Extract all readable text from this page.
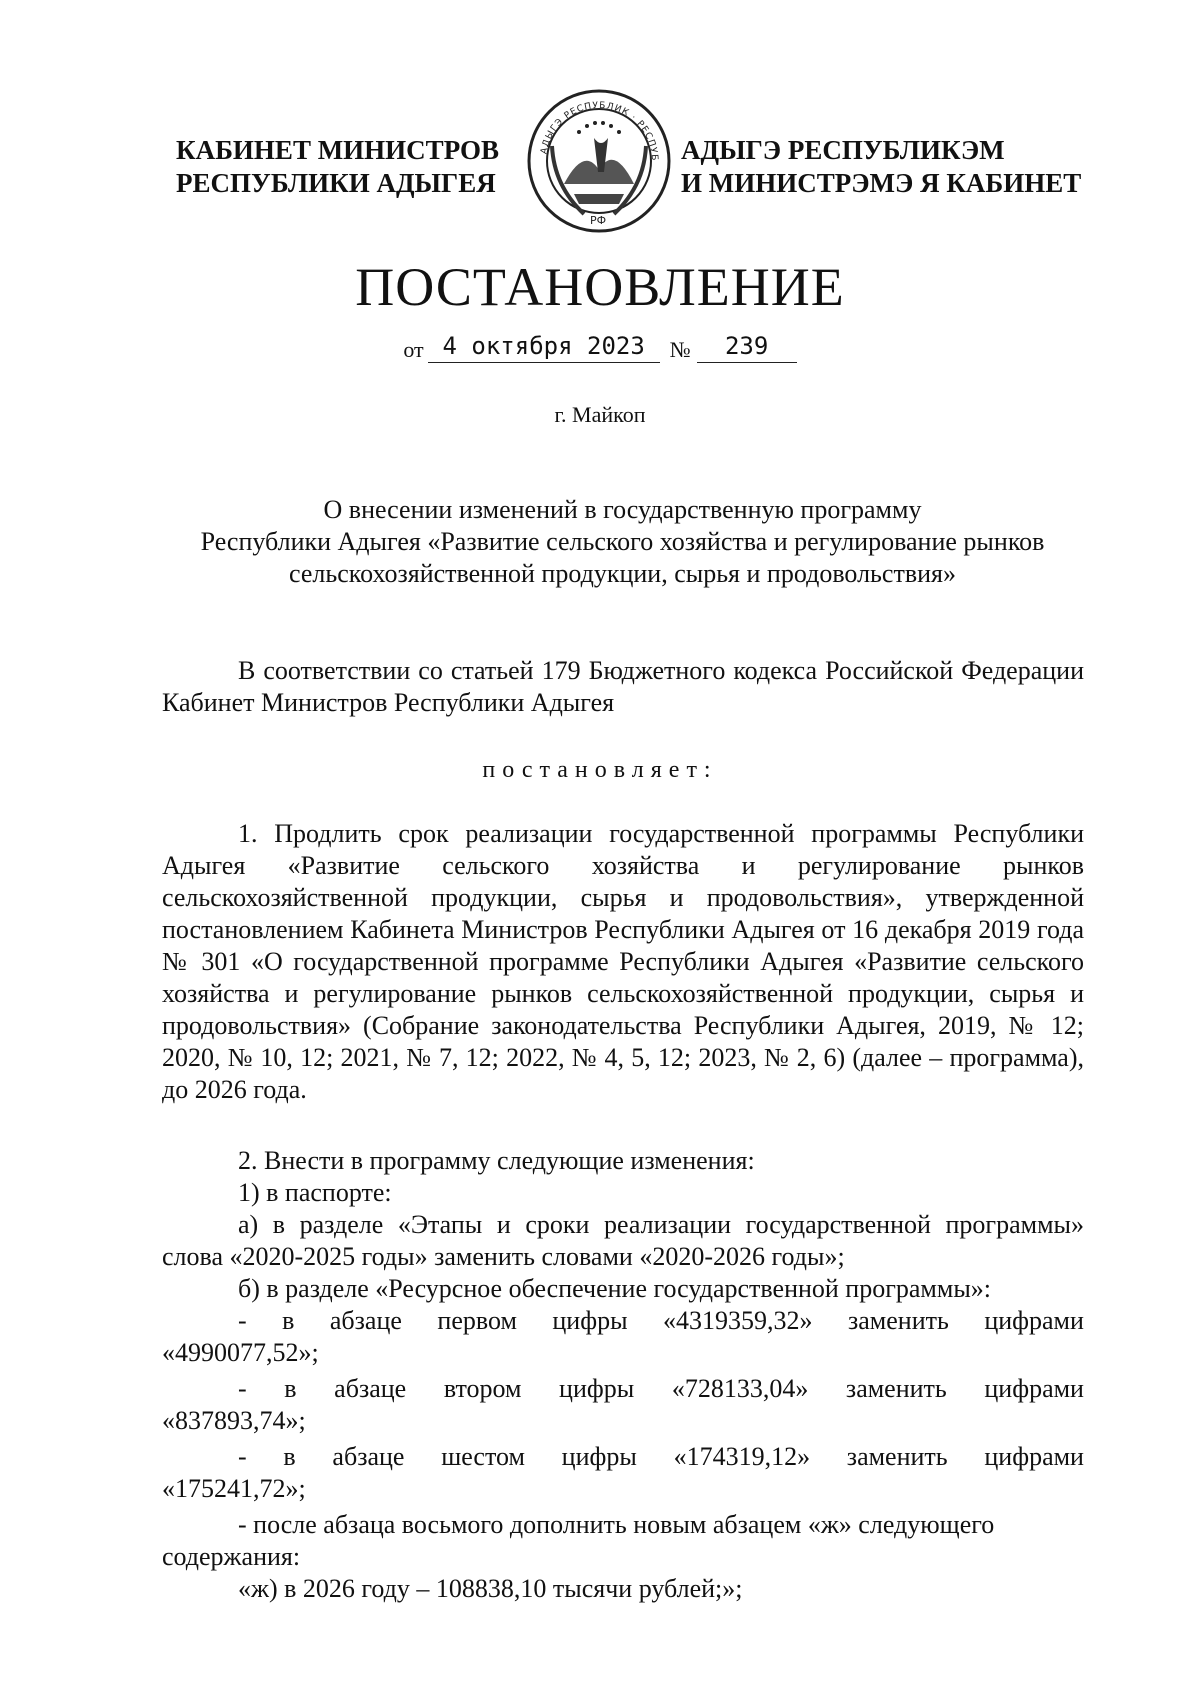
КАБИНЕТ МИНИСТРОВ
РЕСПУБЛИКИ АДЫГЕЯ
АДЫГЭ РЕСПУБЛИК · РЕСПУБ
РФ
АДЫГЭ РЕСПУБЛИКЭМ
И МИНИСТРЭМЭ Я КАБИНЕТ
ПОСТАНОВЛЕНИЕ
от 4 октября 2023 № 239
г. Майкоп
О внесении изменений в государственную программу
Республики Адыгея «Развитие сельского хозяйства и регулирование рынков
сельскохозяйственной продукции, сырья и продовольствия»
В соответствии со статьей 179 Бюджетного кодекса Российской Федерации Кабинет Министров Республики Адыгея
постановляет:
1. Продлить срок реализации государственной программы Республики Адыгея «Развитие сельского хозяйства и регулирование рынков сельскохозяйственной продукции, сырья и продовольствия», утвержденной постановлением Кабинета Министров Республики Адыгея от 16 декабря 2019 года № 301 «О государственной программе Республики Адыгея «Развитие сельского хозяйства и регулирование рынков сельскохозяйственной продукции, сырья и продовольствия» (Собрание законодательства Республики Адыгея, 2019, № 12; 2020, № 10, 12; 2021, № 7, 12; 2022, № 4, 5, 12; 2023, № 2, 6) (далее – программа), до 2026 года.
2. Внести в программу следующие изменения:
1) в паспорте:
а) в разделе «Этапы и сроки реализации государственной программы» слова «2020-2025 годы» заменить словами «2020-2026 годы»;
б) в разделе «Ресурсное обеспечение государственной программы»:
- в абзаце первом цифры «4319359,32» заменить цифрами
«4990077,52»;
- в абзаце втором цифры «728133,04» заменить цифрами
«837893,74»;
- в абзаце шестом цифры «174319,12» заменить цифрами
«175241,72»;
- после абзаца восьмого дополнить новым абзацем «ж» следующего
содержания:
«ж) в 2026 году – 108838,10 тысячи рублей;»;
